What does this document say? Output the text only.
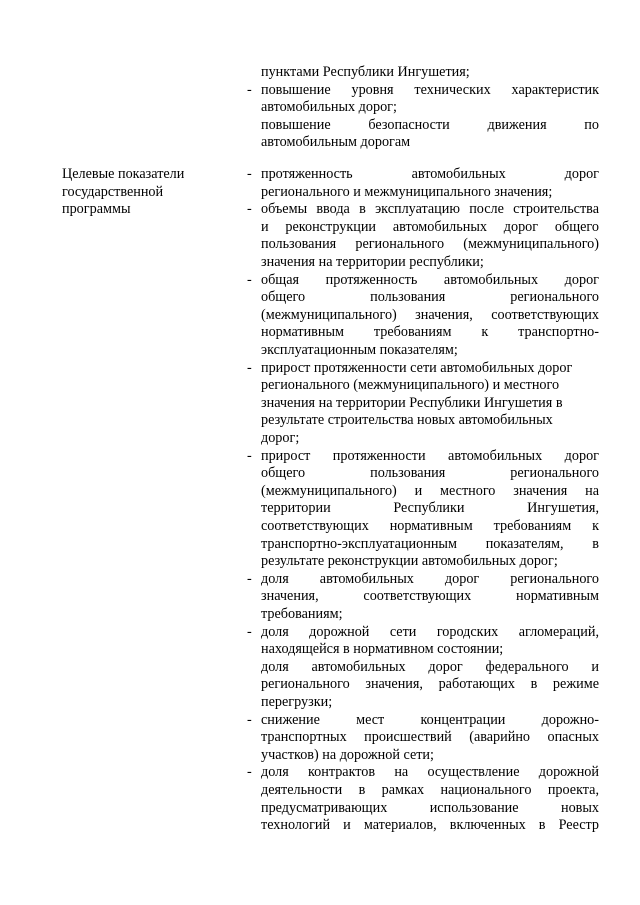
пунктами Республики Ингушетия;
- повышение уровня технических характеристик
автомобильных дорог;
повышение безопасности движения по
автомобильным дорогам
Целевые показатели
государственной
программы
- протяженность автомобильных дорог
регионального и межмуниципального значения;
- объемы ввода в эксплуатацию после строительства
и реконструкции автомобильных дорог общего
пользования регионального (межмуниципального)
значения на территории республики;
- общая протяженность автомобильных дорог
общего пользования регионального
(межмуниципального) значения, соответствующих
нормативным требованиям к транспортно-
эксплуатационным показателям;
- прирост протяженности сети автомобильных дорог
регионального (межмуниципального) и местного
значения на территории Республики Ингушетия в
результате строительства новых автомобильных
дорог;
- прирост протяженности автомобильных дорог
общего пользования регионального
(межмуниципального) и местного значения на
территории Республики Ингушетия,
соответствующих нормативным требованиям к
транспортно-эксплуатационным показателям, в
результате реконструкции автомобильных дорог;
- доля автомобильных дорог регионального
значения, соответствующих нормативным
требованиям;
- доля дорожной сети городских агломераций,
находящейся в нормативном состоянии;
доля автомобильных дорог федерального и
регионального значения, работающих в режиме
перегрузки;
- снижение мест концентрации дорожно-
транспортных происшествий (аварийно опасных
участков) на дорожной сети;
- доля контрактов на осуществление дорожной
деятельности в рамках национального проекта,
предусматривающих использование новых
технологий и материалов, включенных в Реестр
